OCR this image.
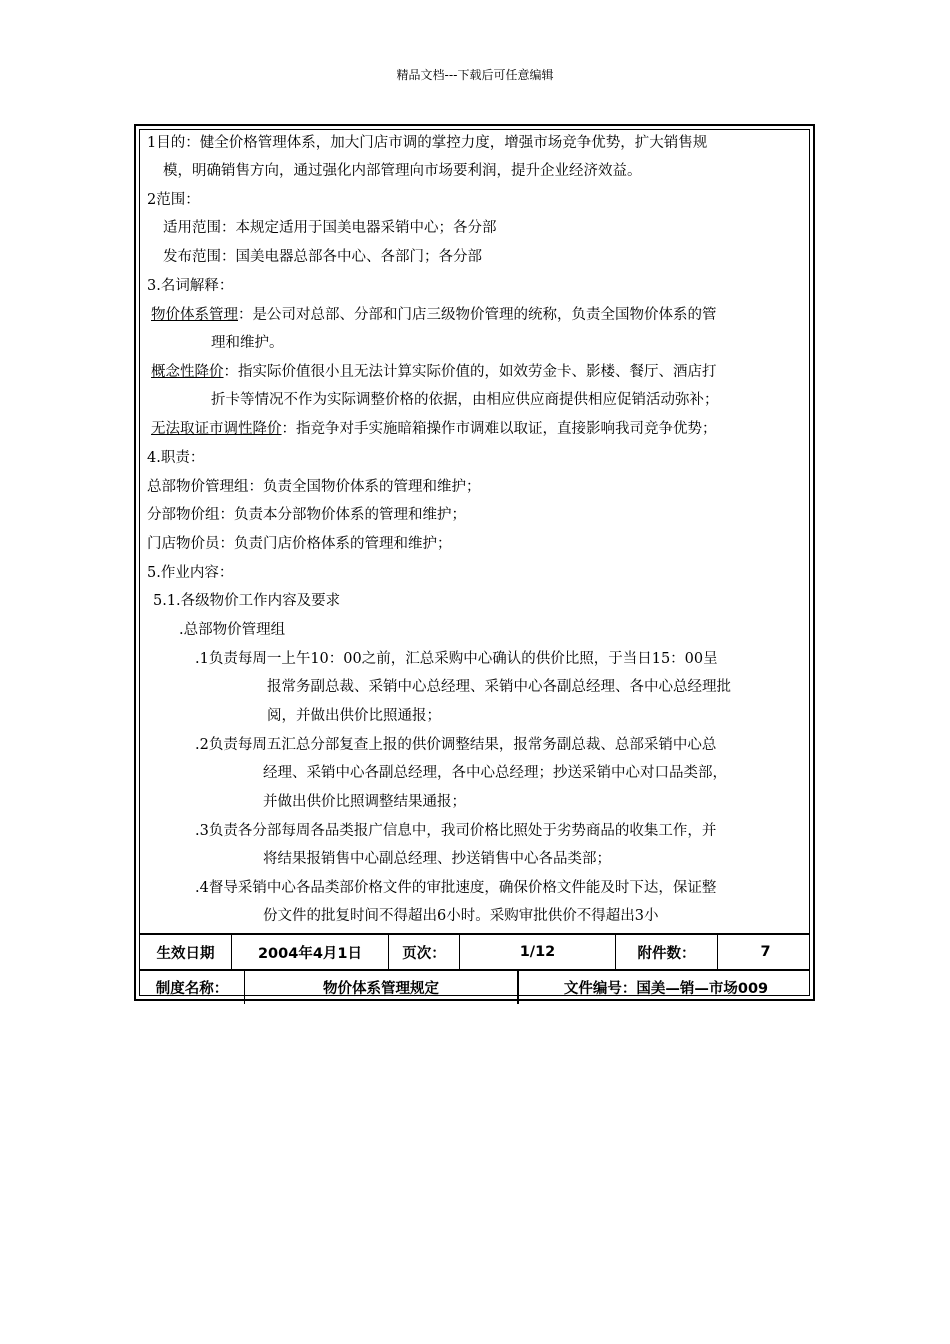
精品文档---下载后可任意编辑
1目的：健全价格管理体系，加大门店市调的掌控力度，增强市场竞争优势，扩大销售规
模，明确销售方向，通过强化内部管理向市场要利润，提升企业经济效益。
2范围：
适用范围：本规定适用于国美电器采销中心；各分部
发布范围：国美电器总部各中心、各部门；各分部
3.名词解释：
物价体系管理：是公司对总部、分部和门店三级物价管理的统称，负责全国物价体系的管
理和维护。
概念性降价：指实际价值很小且无法计算实际价值的，如效劳金卡、影楼、餐厅、酒店打
折卡等情况不作为实际调整价格的依据，由相应供应商提供相应促销活动弥补；
无法取证市调性降价：指竞争对手实施暗箱操作市调难以取证，直接影响我司竞争优势；
4.职责：
总部物价管理组：负责全国物价体系的管理和维护；
分部物价组：负责本分部物价体系的管理和维护；
门店物价员：负责门店价格体系的管理和维护；
5.作业内容：
5.1.各级物价工作内容及要求
.总部物价管理组
.1负责每周一上午10：00之前，汇总采购中心确认的供价比照，于当日15：00呈
报常务副总裁、采销中心总经理、采销中心各副总经理、各中心总经理批
阅，并做出供价比照通报；
.2负责每周五汇总分部复查上报的供价调整结果，报常务副总裁、总部采销中心总
经理、采销中心各副总经理，各中心总经理；抄送采销中心对口品类部，
并做出供价比照调整结果通报；
.3负责各分部每周各品类报广信息中，我司价格比照处于劣势商品的收集工作，并
将结果报销售中心副总经理、抄送销售中心各品类部；
.4督导采销中心各品类部价格文件的审批速度，确保价格文件能及时下达，保证整
份文件的批复时间不得超出6小时。采购审批供价不得超出3小
生效日期	2004年4月1日	页次：	1/12	附件数：	7
制度名称：	物价体系管理规定	文件编号：国美—销—市场009
